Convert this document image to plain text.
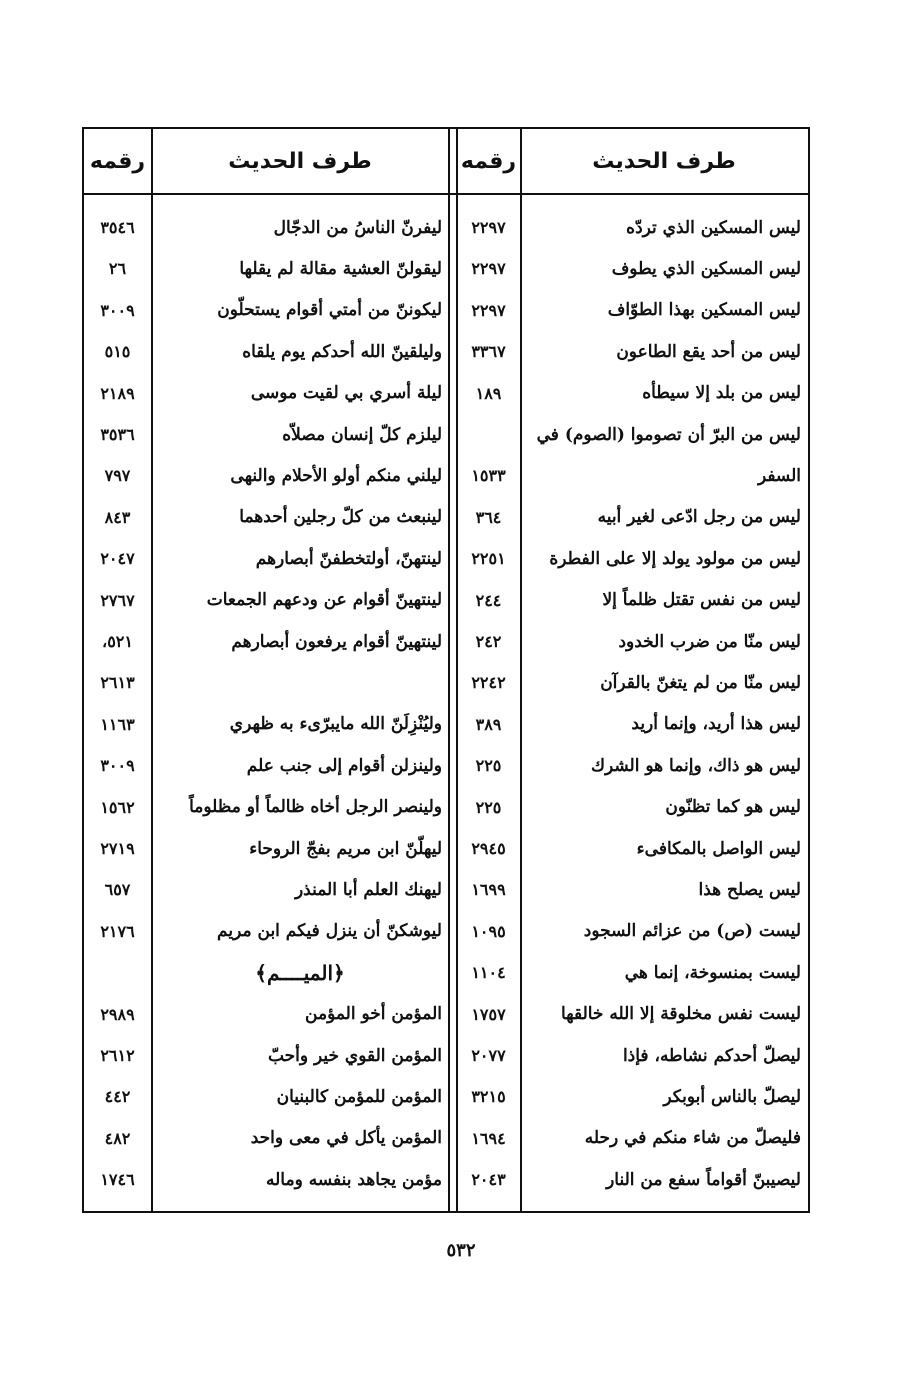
طرف الحديث
رقمه
طرف الحديث
رقمه
ليس المسكين الذي تردّه
٢٢٩٧
ليفرنّ الناسُ من الدجّال
٣٥٤٦
ليس المسكين الذي يطوف
٢٢٩٧
ليقولنّ العشية مقالة لم يقلها
٢٦
ليس المسكين بهذا الطوّاف
٢٢٩٧
ليكوننّ من أمتي أقوام يستحلّون
٣٠٠٩
ليس من أحد يقع الطاعون
٣٣٦٧
وليلقينّ الله أحدكم يوم يلقاه
٥١٥
ليس من بلد إلا سيطأه
١٨٩
ليلة أسري بي لقيت موسى
٢١٨٩
ليس من البرّ أن تصوموا (الصوم) في
ليلزم كلّ إنسان مصلاّه
٣٥٣٦
السفر
١٥٣٣
ليلني منكم أولو الأحلام والنهى
٧٩٧
ليس من رجل ادّعى لغير أبيه
٣٦٤
لينبعث من كلّ رجلين أحدهما
٨٤٣
ليس من مولود يولد إلا على الفطرة
٢٢٥١
لينتهنّ، أولتخطفنّ أبصارهم
٢٠٤٧
ليس من نفس تقتل ظلماً إلا
٢٤٤
لينتهينّ أقوام عن ودعهم الجمعات
٢٧٦٧
ليس منّا من ضرب الخدود
٢٤٢
لينتهينّ أقوام يرفعون أبصارهم
٥٢١،
ليس منّا من لم يتغنّ بالقرآن
٢٢٤٢
٢٦١٣
ليس هذا أريد، وإنما أريد
٣٨٩
وليُنْزِلَنّ الله مايبرّىء به ظهري
١١٦٣
ليس هو ذاك، وإنما هو الشرك
٢٢٥
ولينزلن أقوام إلى جنب علم
٣٠٠٩
ليس هو كما تظنّون
٢٢٥
ولينصر الرجل أخاه ظالماً أو مظلوماً
١٥٦٢
ليس الواصل بالمكافىء
٢٩٤٥
ليهلّنّ ابن مريم بفجّ الروحاء
٢٧١٩
ليس يصلح هذا
١٦٩٩
ليهنك العلم أبا المنذر
٦٥٧
ليست (ص) من عزائم السجود
١٠٩٥
ليوشكنّ أن ينزل فيكم ابن مريم
٢١٧٦
ليست بمنسوخة، إنما هي
١١٠٤
﴿الميــــم﴾
ليست نفس مخلوقة إلا الله خالقها
١٧٥٧
المؤمن أخو المؤمن
٢٩٨٩
ليصلّ أحدكم نشاطه، فإذا
٢٠٧٧
المؤمن القوي خير وأحبّ
٢٦١٢
ليصلّ بالناس أبوبكر
٣٢١٥
المؤمن للمؤمن كالبنيان
٤٤٢
فليصلّ من شاء منكم في رحله
١٦٩٤
المؤمن يأكل في معى واحد
٤٨٢
ليصيبنّ أقواماً سفع من النار
٢٠٤٣
مؤمن يجاهد بنفسه وماله
١٧٤٦
٥٣٢
